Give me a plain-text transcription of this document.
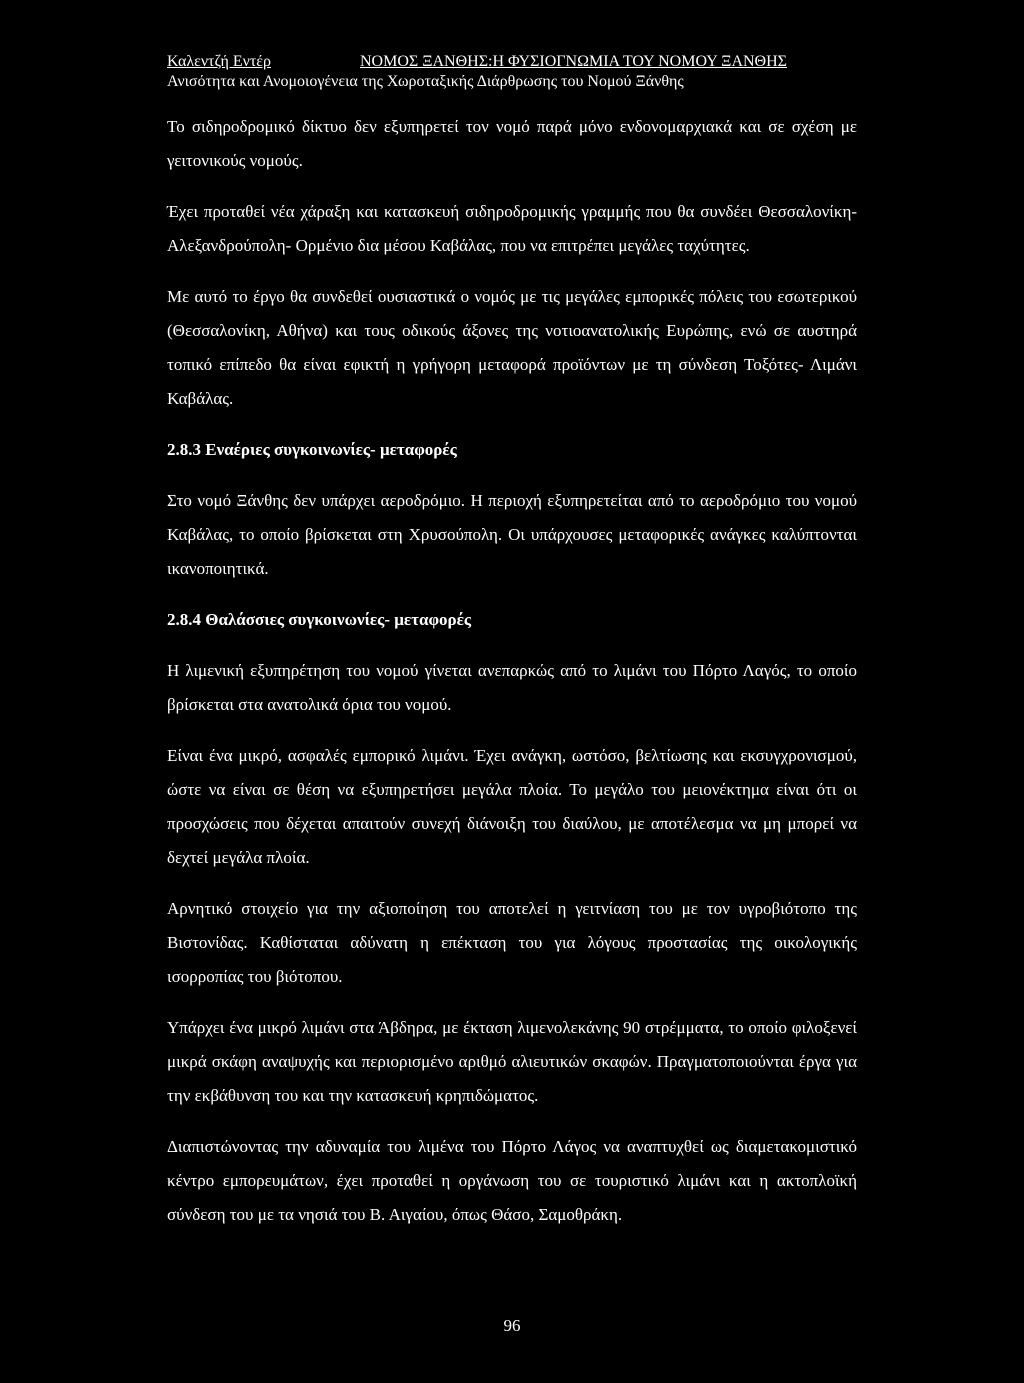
Καλεντζή Εντέρ	ΝΟΜΟΣ ΞΑΝΘΗΣ:Η ΦΥΣΙΟΓΝΩΜΙΑ ΤΟΥ ΝΟΜΟΥ ΞΑΝΘΗΣ
Ανισότητα και Ανομοιογένεια της Χωροταξικής Διάρθρωσης του Νομού Ξάνθης

Το σιδηροδρομικό δίκτυο δεν εξυπηρετεί τον νομό παρά μόνο ενδονομαρχιακά και σε σχέση με γειτονικούς νομούς.

Έχει προταθεί νέα χάραξη και κατασκευή σιδηροδρομικής γραμμής που θα συνδέει Θεσσαλονίκη- Αλεξανδρούπολη- Ορμένιο δια μέσου Καβάλας, που να επιτρέπει μεγάλες ταχύτητες.

Με αυτό το έργο θα συνδεθεί ουσιαστικά ο νομός με τις μεγάλες εμπορικές πόλεις του εσωτερικού (Θεσσαλονίκη, Αθήνα) και τους οδικούς άξονες της νοτιοανατολικής Ευρώπης, ενώ σε αυστηρά τοπικό επίπεδο θα είναι εφικτή η γρήγορη μεταφορά προϊόντων με τη σύνδεση Τοξότες- Λιμάνι Καβάλας.

2.8.3 Εναέριες συγκοινωνίες- μεταφορές

Στο νομό Ξάνθης δεν υπάρχει αεροδρόμιο. Η περιοχή εξυπηρετείται από το αεροδρόμιο του νομού Καβάλας, το οποίο βρίσκεται στη Χρυσούπολη. Οι υπάρχουσες μεταφορικές ανάγκες καλύπτονται ικανοποιητικά.

2.8.4 Θαλάσσιες συγκοινωνίες- μεταφορές

Η λιμενική εξυπηρέτηση του νομού γίνεται ανεπαρκώς από το λιμάνι του Πόρτο Λαγός, το οποίο βρίσκεται στα ανατολικά όρια του νομού.

Είναι ένα μικρό, ασφαλές εμπορικό λιμάνι. Έχει ανάγκη, ωστόσο, βελτίωσης και εκσυγχρονισμού, ώστε να είναι σε θέση να εξυπηρετήσει μεγάλα πλοία. Το μεγάλο του μειονέκτημα είναι ότι οι προσχώσεις που δέχεται απαιτούν συνεχή διάνοιξη του διαύλου, με αποτέλεσμα να μη μπορεί να δεχτεί μεγάλα πλοία.

Αρνητικό στοιχείο για την αξιοποίηση του αποτελεί η γειτνίαση του με τον υγροβιότοπο της Βιστονίδας. Καθίσταται αδύνατη η επέκταση του για λόγους προστασίας της οικολογικής ισορροπίας του βιότοπου.

Υπάρχει ένα μικρό λιμάνι στα Άβδηρα, με έκταση λιμενολεκάνης 90 στρέμματα, το οποίο φιλοξενεί μικρά σκάφη αναψυχής και περιορισμένο αριθμό αλιευτικών σκαφών. Πραγματοποιούνται έργα για την εκβάθυνση του και την κατασκευή κρηπιδώματος.

Διαπιστώνοντας την αδυναμία του λιμένα του Πόρτο Λάγος να αναπτυχθεί ως διαμετακομιστικό κέντρο εμπορευμάτων, έχει προταθεί η οργάνωση του σε τουριστικό λιμάνι και η ακτοπλοϊκή σύνδεση του με τα νησιά του Β. Αιγαίου, όπως Θάσο, Σαμοθράκη.

96
